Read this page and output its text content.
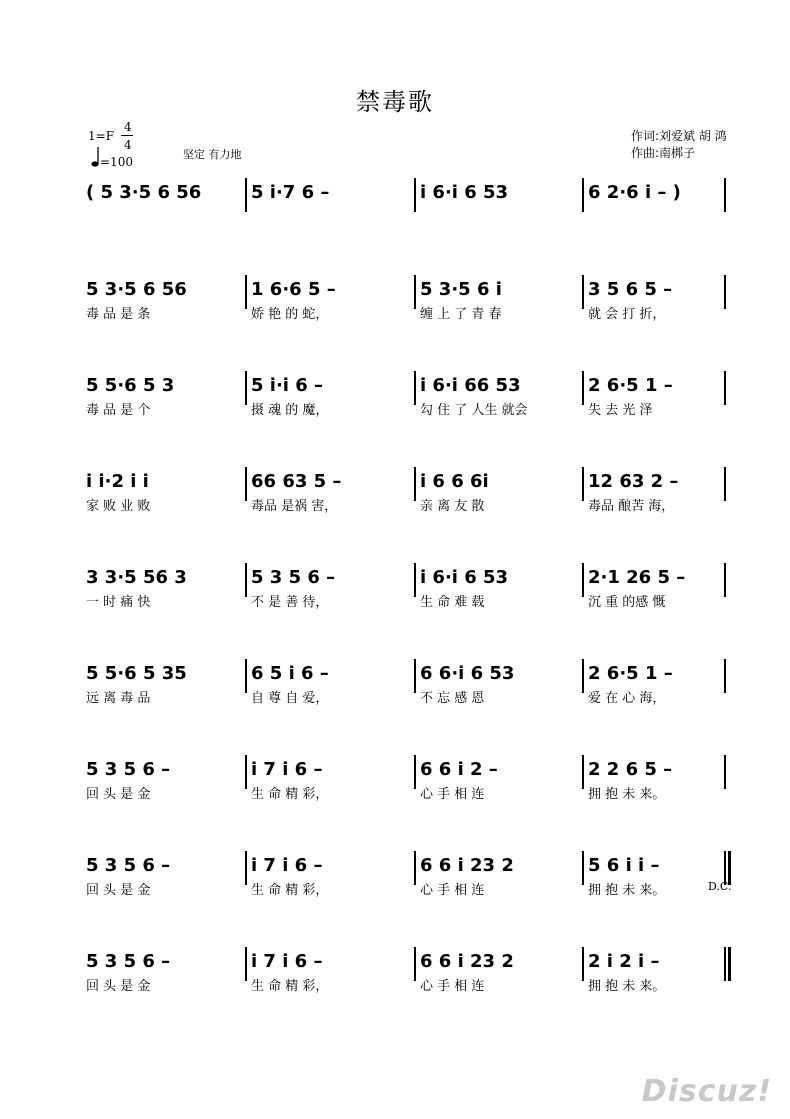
禁毒歌
1=F
4
4
=100
坚定 有力地
作词:刘爱斌 胡 鸿
作曲:南梆子
( 5 3·5 6 56	5 i·7 6 –	i 6·i 6 53	6 2·6 i – )
5 3·5 6 56	1 6·6 5 –	5 3·5 6 i	3 5 6 5 –
毒 品 是 条	娇 艳 的 蛇，	缠 上 了 青 春	就 会 打 折，
5 5·6 5 3	5 i·i 6 –	i 6·i 66 53	2 6·5 1 –
毒 品 是 个	摄 魂 的 魔，	勾 住 了 人生 就会	失 去 光 泽
i i·2 i i	66 63 5 –	i 6 6 6i	12 63 2 –
家 败 业 败	毒品 是祸 害，	亲 离 友 散	毒品 酿苦 海，
3 3·5 56 3	5 3 5 6 –	i 6·i 6 53	2·1 26 5 –
一 时 痛 快	不 是 善 待，	生 命 难 载	沉 重 的感 慨
5 5·6 5 35	6 5 i 6 –	6 6·i 6 53	2 6·5 1 –
远 离 毒 品	自 尊 自 爱，	不 忘 感 恩	爱 在 心 海，
5 3 5 6 –	i 7 i 6 –	6 6 i 2 –	2 2 6 5 –
回 头 是 金	生 命 精 彩，	心 手 相 连	拥 抱 未 来。
5 3 5 6 –	i 7 i 6 –	6 6 i 23 2	5 6 i i –
回 头 是 金	生 命 精 彩，	心 手 相 连	拥 抱 未 来。
5 3 5 6 –	i 7 i 6 –	6 6 i 23 2	2 i 2 i –
回 头 是 金	生 命 精 彩，	心 手 相 连	拥 抱 未 来。
D.C.
Discuz!
